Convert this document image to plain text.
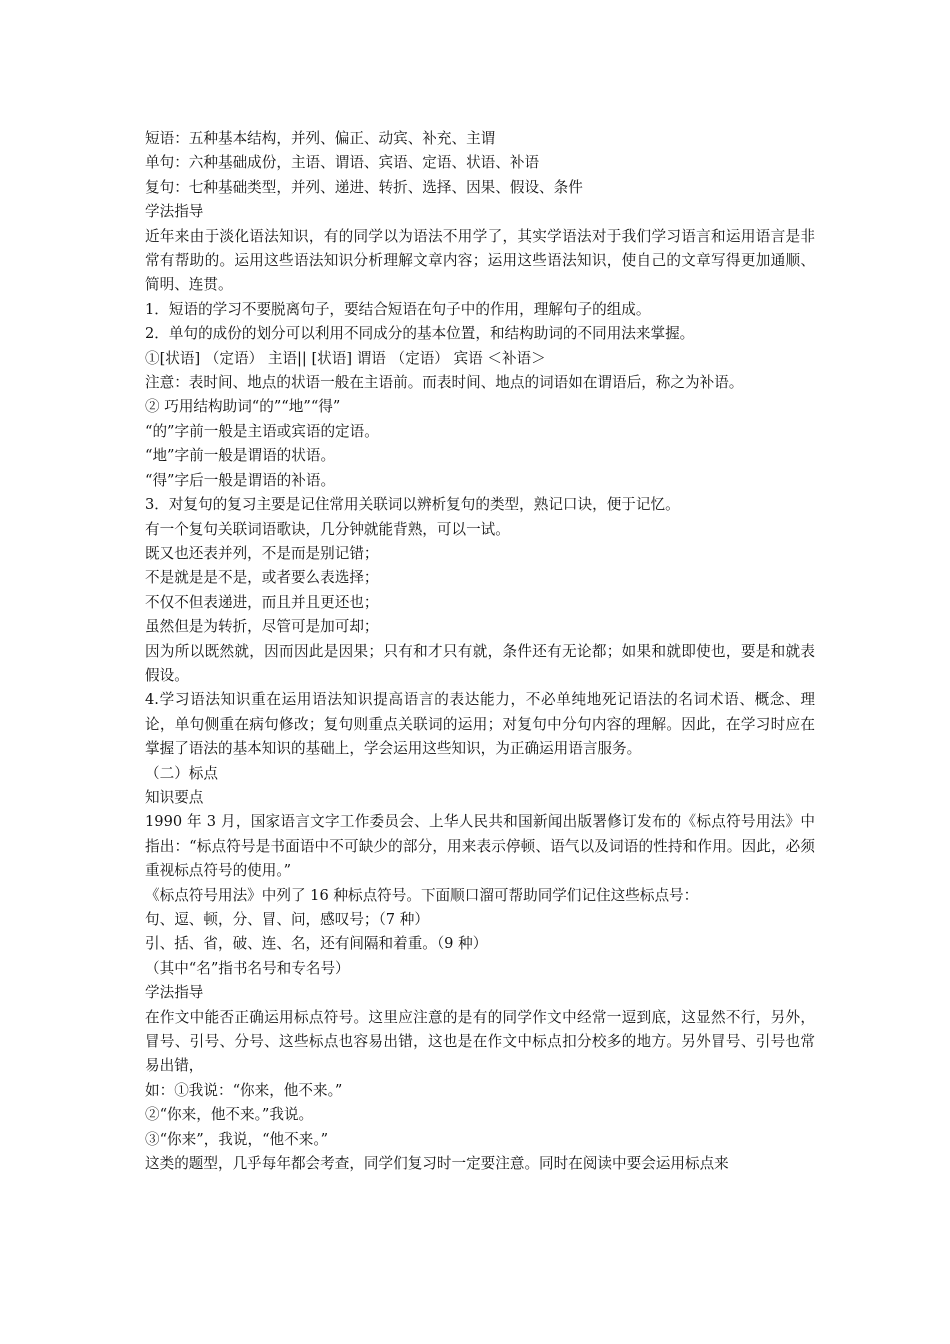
短语：五种基本结构，并列、偏正、动宾、补充、主谓
单句：六种基础成份，主语、谓语、宾语、定语、状语、补语
复句：七种基础类型，并列、递进、转折、选择、因果、假设、条件
学法指导
近年来由于淡化语法知识，有的同学以为语法不用学了，其实学语法对于我们学习语言和运用语言是非常有帮助的。运用这些语法知识分析理解文章内容；运用这些语法知识，使自己的文章写得更加通顺、简明、连贯。
1．短语的学习不要脱离句子，要结合短语在句子中的作用，理解句子的组成。
2．单句的成份的划分可以利用不同成分的基本位置，和结构助词的不同用法来掌握。
①[状语] （定语） 主语|| [状语] 谓语 （定语） 宾语 ＜补语＞
注意：表时间、地点的状语一般在主语前。而表时间、地点的词语如在谓语后，称之为补语。
② 巧用结构助词“的”“地”“得”
“的”字前一般是主语或宾语的定语。
“地”字前一般是谓语的状语。
“得”字后一般是谓语的补语。
3．对复句的复习主要是记住常用关联词以辨析复句的类型，熟记口诀，便于记忆。
有一个复句关联词语歌诀，几分钟就能背熟，可以一试。
既又也还表并列，不是而是别记错；
不是就是是不是，或者要么表选择；
不仅不但表递进，而且并且更还也；
虽然但是为转折，尽管可是加可却；
因为所以既然就，因而因此是因果；只有和才只有就，条件还有无论都；如果和就即使也，要是和就表假设。
4.学习语法知识重在运用语法知识提高语言的表达能力，不必单纯地死记语法的名词术语、概念、理论，单句侧重在病句修改；复句则重点关联词的运用；对复句中分句内容的理解。因此，在学习时应在掌握了语法的基本知识的基础上，学会运用这些知识，为正确运用语言服务。
（二）标点
知识要点
1990 年 3 月，国家语言文字工作委员会、上华人民共和国新闻出版署修订发布的《标点符号用法》中指出：“标点符号是书面语中不可缺少的部分，用来表示停顿、语气以及词语的性持和作用。因此，必须重视标点符号的使用。”
《标点符号用法》中列了 16 种标点符号。下面顺口溜可帮助同学们记住这些标点号：
句、逗、顿，分、冒、问，感叹号；（7 种）
引、括、省，破、连、名，还有间隔和着重。（9 种）
（其中“名”指书名号和专名号）
学法指导
在作文中能否正确运用标点符号。这里应注意的是有的同学作文中经常一逗到底，这显然不行，另外，冒号、引号、分号、这些标点也容易出错，这也是在作文中标点扣分校多的地方。另外冒号、引号也常易出错，
如：①我说：“你来，他不来。”
②“你来，他不来。”我说。
③“你来”，我说，“他不来。”
这类的题型，几乎每年都会考查，同学们复习时一定要注意。同时在阅读中要会运用标点来
